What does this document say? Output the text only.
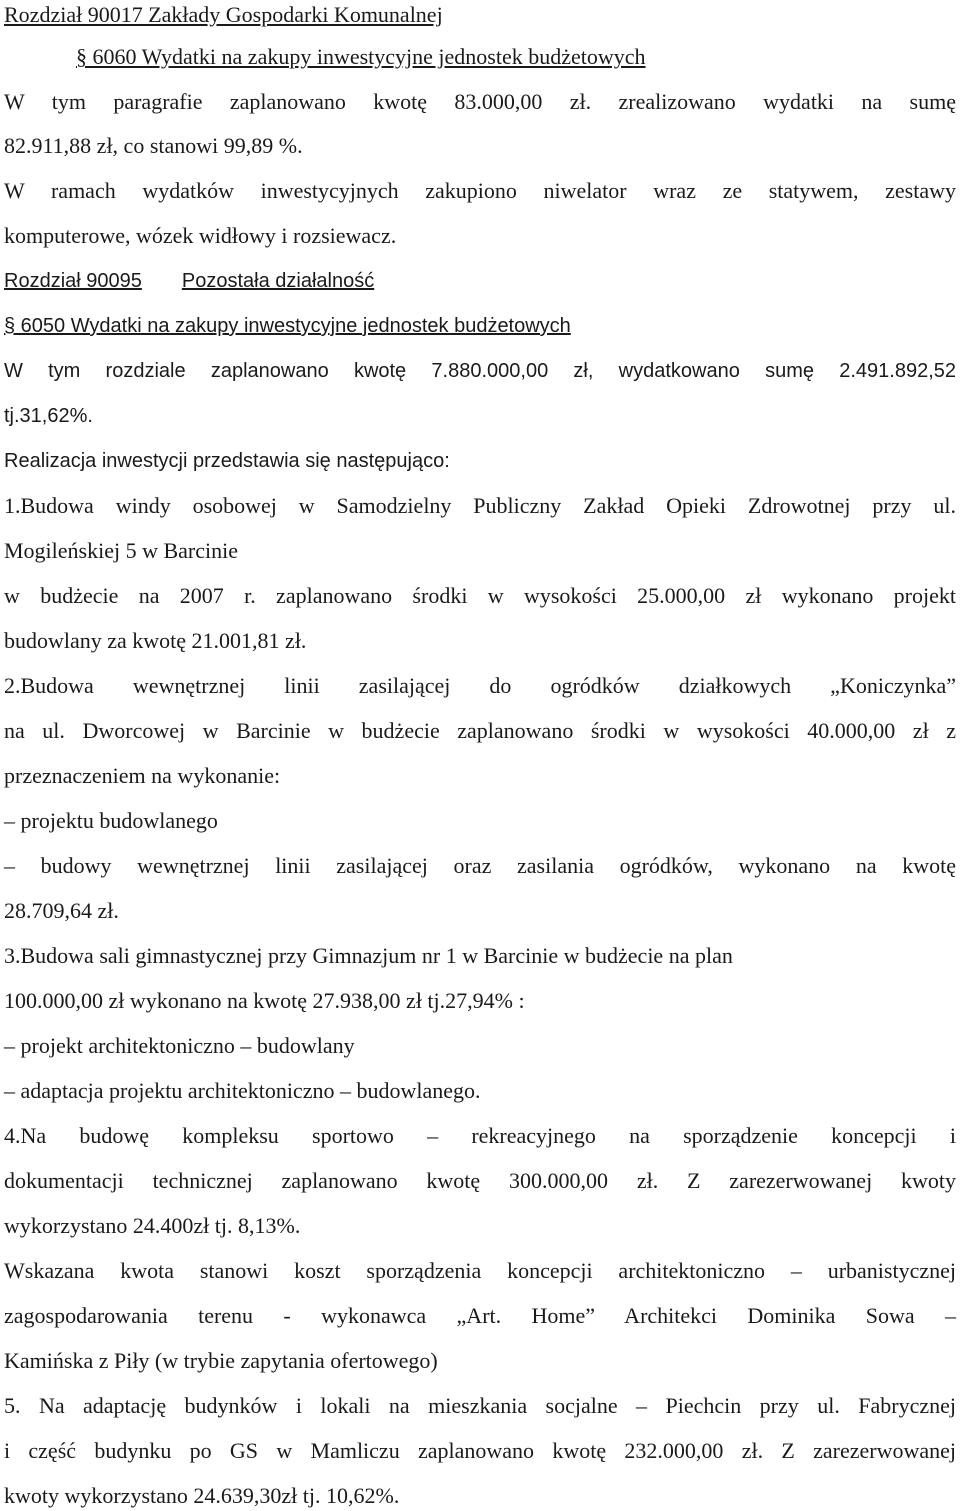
Rozdział 90017 Zakłady Gospodarki Komunalnej
§ 6060 Wydatki na zakupy inwestycyjne jednostek budżetowych
W tym paragrafie zaplanowano kwotę 83.000,00 zł. zrealizowano wydatki na sumę
82.911,88 zł, co stanowi 99,89 %.
W ramach wydatków inwestycyjnych zakupiono niwelator wraz ze statywem, zestawy
komputerowe, wózek widłowy i rozsiewacz.
Rozdział 90095 Pozostała działalność
§ 6050 Wydatki na zakupy inwestycyjne jednostek budżetowych
W tym rozdziale zaplanowano kwotę 7.880.000,00 zł, wydatkowano sumę 2.491.892,52
tj.31,62%.
Realizacja inwestycji przedstawia się następująco:
1.Budowa windy osobowej w Samodzielny Publiczny Zakład Opieki Zdrowotnej przy ul.
Mogileńskiej 5 w Barcinie
w budżecie na 2007 r. zaplanowano środki w wysokości 25.000,00 zł wykonano projekt
budowlany za kwotę 21.001,81 zł.
2.Budowa wewnętrznej linii zasilającej do ogródków działkowych „Koniczynka”
na ul. Dworcowej w Barcinie w budżecie zaplanowano środki w wysokości 40.000,00 zł z
przeznaczeniem na wykonanie:
– projektu budowlanego
– budowy wewnętrznej linii zasilającej oraz zasilania ogródków, wykonano na kwotę
28.709,64 zł.
3.Budowa sali gimnastycznej przy Gimnazjum nr 1 w Barcinie w budżecie na plan
100.000,00 zł wykonano na kwotę 27.938,00 zł tj.27,94% :
– projekt architektoniczno – budowlany
– adaptacja projektu architektoniczno – budowlanego.
4.Na budowę kompleksu sportowo – rekreacyjnego na sporządzenie koncepcji i
dokumentacji technicznej zaplanowano kwotę 300.000,00 zł. Z zarezerwowanej kwoty
wykorzystano 24.400zł tj. 8,13%.
Wskazana kwota stanowi koszt sporządzenia koncepcji architektoniczno – urbanistycznej
zagospodarowania terenu - wykonawca „Art. Home” Architekci Dominika Sowa –
Kamińska z Piły (w trybie zapytania ofertowego)
5. Na adaptację budynków i lokali na mieszkania socjalne – Piechcin przy ul. Fabrycznej
i część budynku po GS w Mamliczu zaplanowano kwotę 232.000,00 zł. Z zarezerwowanej
kwoty wykorzystano 24.639,30zł tj. 10,62%.
